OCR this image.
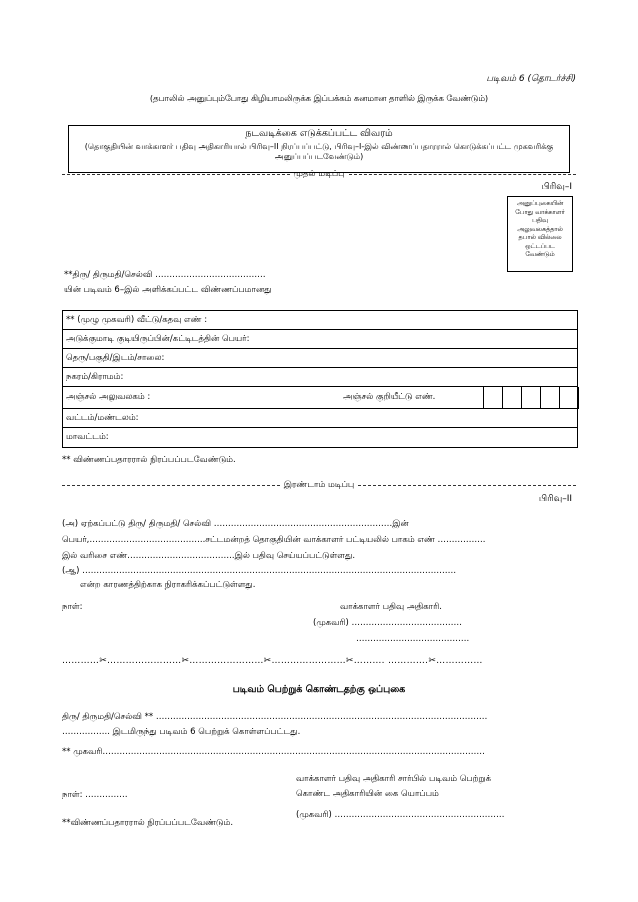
படிவம் 6 (தொடர்ச்சி)
(தபாலில் அனுப்பும்போது கிழியாமலிருக்க இப்பக்கம் கனமான தாளில் இருக்க வேண்டும்)
நடவடிக்கை எடுக்கப்பட்ட விவரம்
(தொகுதியின் வாக்காளர் பதிவு அதிகாரியால் பிரிவு–II நிரப்பப்பட்டு, பிரிவு–I-இல் விண்ணப்பதாரரால் கொடுக்கப்பட்ட முகவரிக்கு அனுப்பப்படவேண்டும்)
முதல் மடிப்பு
பிரிவு–I
அனுப்புகையின்
போது வாக்காளர்
பதிவு
அலுவலகத்தால்
தபால் வில்லை
ஒட்டப்பட
வேண்டும்
**திரு/ திருமதி/செல்வி …………………………………
யின் படிவம் 6–இல் அளிக்கப்பட்ட விண்ணப்பமானது
** (முழு முகவரி) வீட்டு/கதவு எண் :
அடுக்குமாடி குடியிருப்பின்/கட்டிடத்தின் பெயர்:
தெரு/பகுதி/இடம்/சாலை:
நகரம்/கிராமம்:
அஞ்சல் அலுவலகம் :	அஞ்சல் குறியீட்டு எண்.
வட்டம்/மண்டலம்:
மாவட்டம்:
** விண்ணப்பதாரரால் நிரப்பப்படவேண்டும்.
இரண்டாம் மடிப்பு
பிரிவு–II
(அ) ஏற்கப்பட்டு திரு/ திருமதி/ செல்வி ………………………………………………………இன்
பெயர்,…………………………………..சட்டமன்றத் தொகுதியின் வாக்காளர் பட்டியலில் பாகம் எண் ……………..
இல் வரிசை எண்………………………………..இல் பதிவு செய்யப்பட்டுள்ளது.
(ஆ) ……………………………………………………………………………………………………………………
என்ற காரணத்திற்காக நிராகரிக்கப்பட்டுள்ளது.
நாள்:	வாக்காளர் பதிவு அதிகாரி.
(முகவரி) …………………………………
………………………………….
…………✂……………………✂……………………✂……………………✂………. ………….✂……………
படிவம் பெற்றுக் கொண்டதற்கு ஒப்புகை
திரு/ திருமதி/செல்வி ** ………………………………………………………………………………………………………
…………….. இடமிருந்து படிவம் 6 பெற்றுக் கொள்ளப்பட்டது.
** முகவரி………………………………………………………………………………………………………………………
வாக்காளர் பதிவு அதிகாரி சார்பில் படிவம் பெற்றுக்
கொண்ட அதிகாரியின் கை யொப்பம்
நாள்: ……………
(முகவரி) ……………………………………………………
**விண்ணப்பதாரரால் நிரப்பப்படவேண்டும்.
